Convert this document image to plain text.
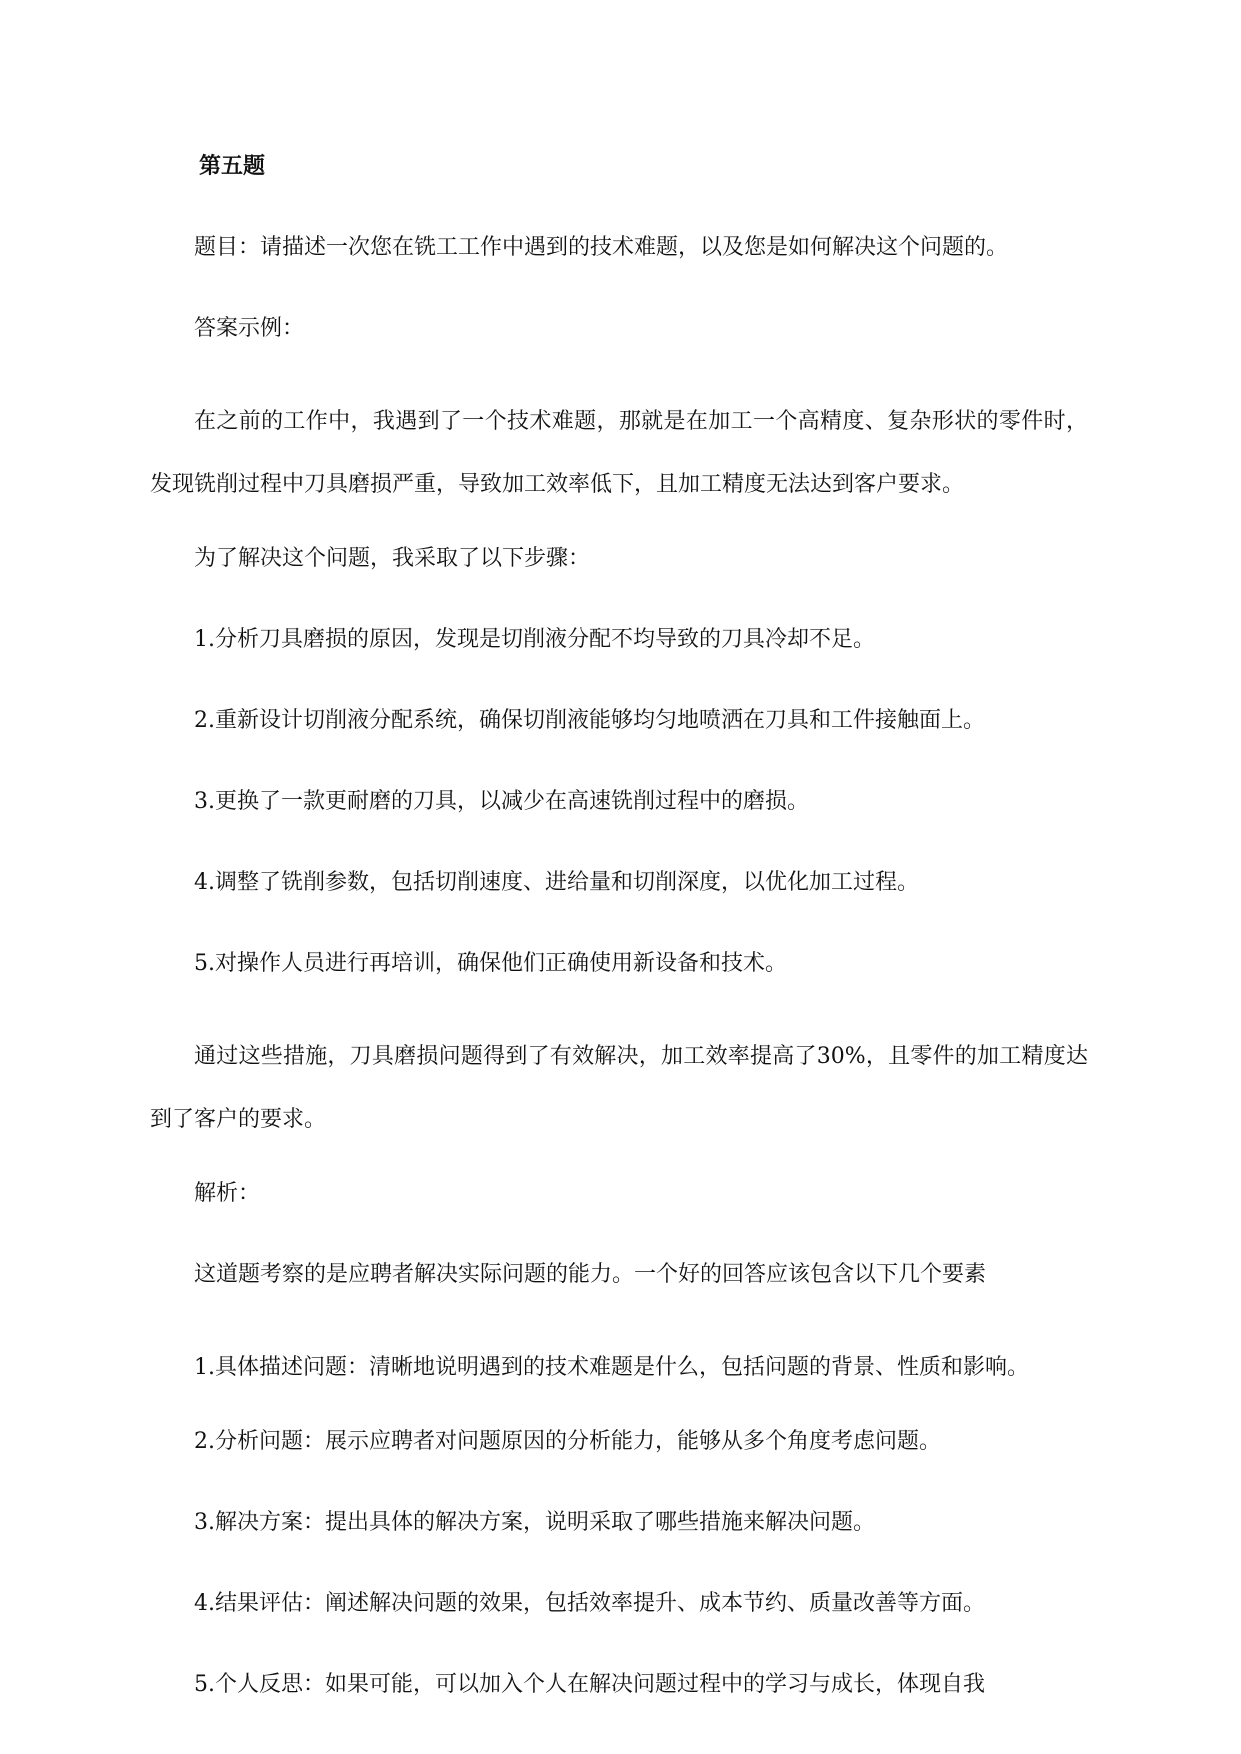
第五题

题目：请描述一次您在铣工工作中遇到的技术难题，以及您是如何解决这个问题的。

答案示例：

在之前的工作中，我遇到了一个技术难题，那就是在加工一个高精度、复杂形状的零件时，发现铣削过程中刀具磨损严重，导致加工效率低下，且加工精度无法达到客户要求。

为了解决这个问题，我采取了以下步骤：

1.分析刀具磨损的原因，发现是切削液分配不均导致的刀具冷却不足。

2.重新设计切削液分配系统，确保切削液能够均匀地喷洒在刀具和工件接触面上。

3.更换了一款更耐磨的刀具，以减少在高速铣削过程中的磨损。

4.调整了铣削参数，包括切削速度、进给量和切削深度，以优化加工过程。

5.对操作人员进行再培训，确保他们正确使用新设备和技术。

通过这些措施，刀具磨损问题得到了有效解决，加工效率提高了30%，且零件的加工精度达到了客户的要求。

解析：

这道题考察的是应聘者解决实际问题的能力。一个好的回答应该包含以下几个要素

1.具体描述问题：清晰地说明遇到的技术难题是什么，包括问题的背景、性质和影响。

2.分析问题：展示应聘者对问题原因的分析能力，能够从多个角度考虑问题。

3.解决方案：提出具体的解决方案，说明采取了哪些措施来解决问题。

4.结果评估：阐述解决问题的效果，包括效率提升、成本节约、质量改善等方面。

5.个人反思：如果可能，可以加入个人在解决问题过程中的学习与成长，体现自我
